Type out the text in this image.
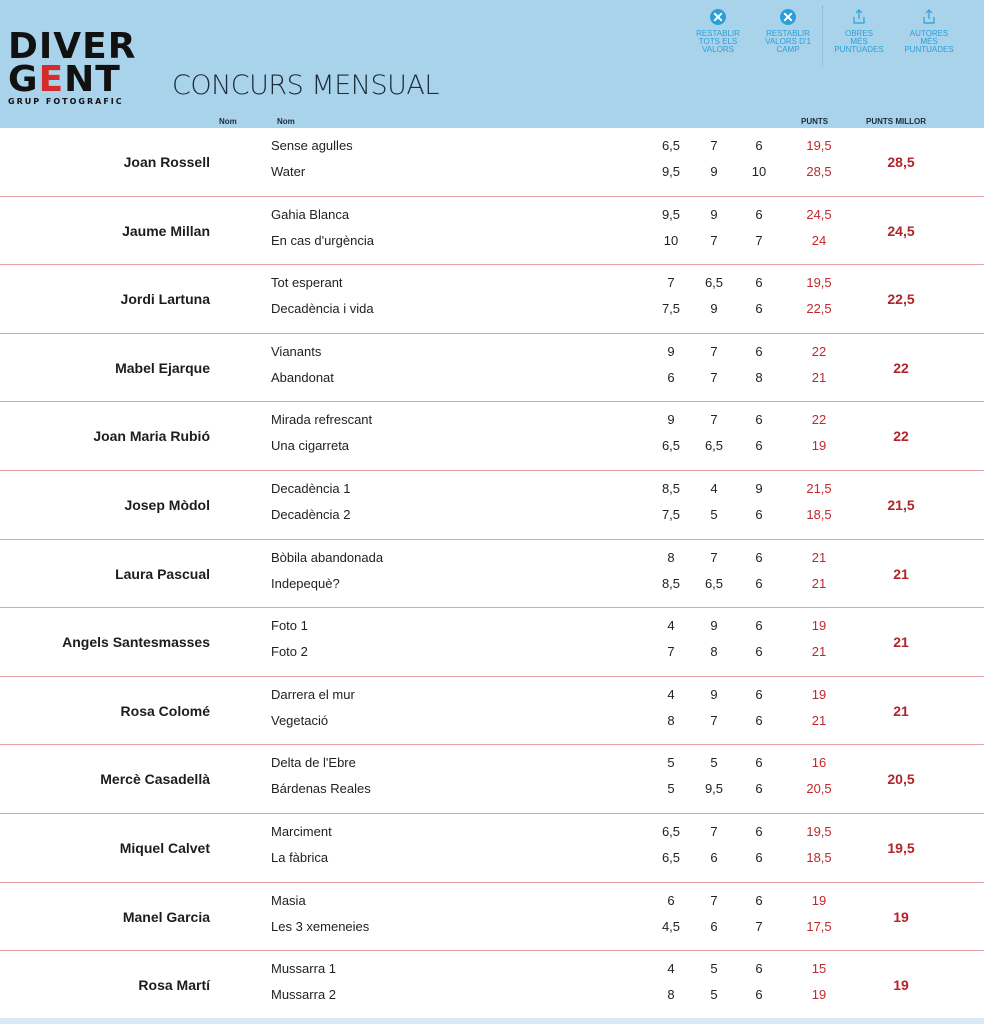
DIVER
GENT
GRUP FOTOGRAFIC
CONCURS MENSUAL
RESTABLIR
TOTS ELS
VALORS
RESTABLIR
VALORS D'1
CAMP
OBRES
MÉS
PUNTUADES
AUTORES
MÉS
PUNTUADES
Nom	Nom	PUNTS	PUNTS MILLOR
Joan Rossell
Sense agulles	6,5	7	6	19,5
Water	9,5	9	10	28,5
28,5
Jaume Millan
Gahia Blanca	9,5	9	6	24,5
En cas d'urgència	10	7	7	24
24,5
Jordi Lartuna
Tot esperant	7	6,5	6	19,5
Decadència i vida	7,5	9	6	22,5
22,5
Mabel Ejarque
Vianants	9	7	6	22
Abandonat	6	7	8	21
22
Joan Maria Rubió
Mirada refrescant	9	7	6	22
Una cigarreta	6,5	6,5	6	19
22
Josep Mòdol
Decadència 1	8,5	4	9	21,5
Decadència 2	7,5	5	6	18,5
21,5
Laura Pascual
Bòbila abandonada	8	7	6	21
Indepequè?	8,5	6,5	6	21
21
Angels Santesmasses
Foto 1	4	9	6	19
Foto 2	7	8	6	21
21
Rosa Colomé
Darrera el mur	4	9	6	19
Vegetació	8	7	6	21
21
Mercè Casadellà
Delta de l'Ebre	5	5	6	16
Bárdenas Reales	5	9,5	6	20,5
20,5
Miquel Calvet
Marciment	6,5	7	6	19,5
La fàbrica	6,5	6	6	18,5
19,5
Manel Garcia
Masia	6	7	6	19
Les 3 xemeneies	4,5	6	7	17,5
19
Rosa Martí
Mussarra 1	4	5	6	15
Mussarra 2	8	5	6	19
19
